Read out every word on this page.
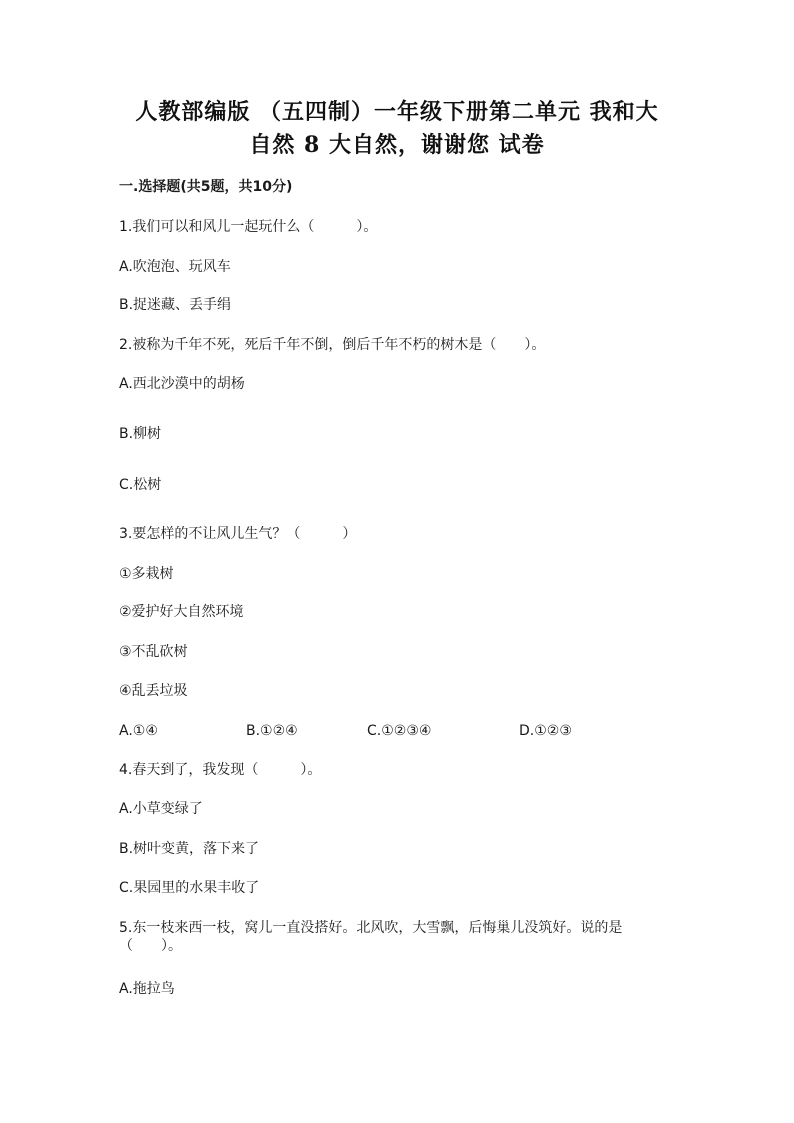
人教部编版 （五四制）一年级下册第二单元 我和大
自然 8 大自然，谢谢您 试卷
一.选择题(共5题，共10分)
1.我们可以和风儿一起玩什么（　　　）。
A.吹泡泡、玩风车
B.捉迷藏、丢手绢
2.被称为千年不死，死后千年不倒，倒后千年不朽的树木是（　　）。
A.西北沙漠中的胡杨
B.柳树
C.松树
3.要怎样的不让风儿生气？（　　　）
①多栽树
②爱护好大自然环境
③不乱砍树
④乱丢垃圾
A.①④	B.①②④	C.①②③④	D.①②③
4.春天到了，我发现（　　　）。
A.小草变绿了
B.树叶变黄，落下来了
C.果园里的水果丰收了
5.东一枝来西一枝，窝儿一直没搭好。北风吹，大雪飘，后悔巢儿没筑好。说的是（　　）。
A.拖拉鸟
